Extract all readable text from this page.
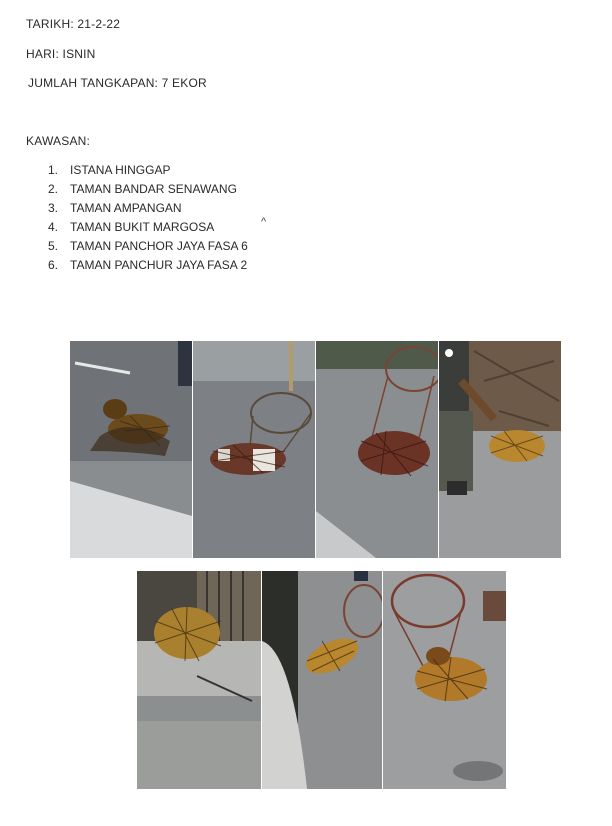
TARIKH: 21-2-22
HARI: ISNIN
JUMLAH TANGKAPAN: 7 EKOR
KAWASAN:
1. ISTANA HINGGAP
2. TAMAN BANDAR SENAWANG
3. TAMAN AMPANGAN
4. TAMAN BUKIT MARGOSA
5. TAMAN PANCHOR JAYA FASA 6
6. TAMAN PANCHUR JAYA FASA 2
^
